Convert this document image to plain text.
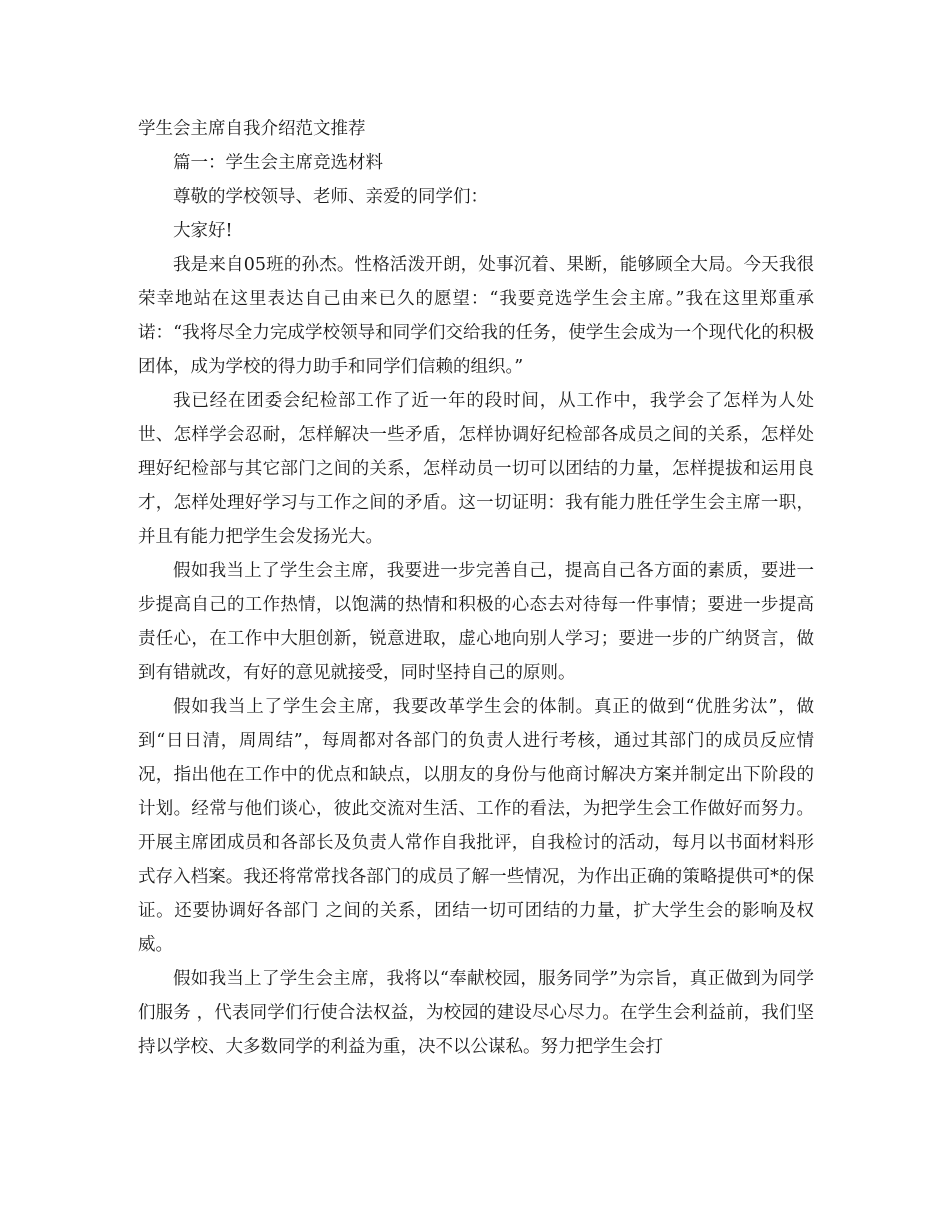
学生会主席自我介绍范文推荐

篇一：学生会主席竞选材料

尊敬的学校领导、老师、亲爱的同学们：

大家好!

我是来自05班的孙杰。性格活泼开朗，处事沉着、果断，能够顾全大局。今天我很荣幸地站在这里表达自己由来已久的愿望：“我要竞选学生会主席。”我在这里郑重承诺：“我将尽全力完成学校领导和同学们交给我的任务，使学生会成为一个现代化的积极团体，成为学校的得力助手和同学们信赖的组织。”

我已经在团委会纪检部工作了近一年的段时间，从工作中，我学会了怎样为人处世、怎样学会忍耐，怎样解决一些矛盾，怎样协调好纪检部各成员之间的关系，怎样处理好纪检部与其它部门之间的关系，怎样动员一切可以团结的力量，怎样提拔和运用良才，怎样处理好学习与工作之间的矛盾。这一切证明：我有能力胜任学生会主席一职，并且有能力把学生会发扬光大。

假如我当上了学生会主席，我要进一步完善自己，提高自己各方面的素质，要进一步提高自己的工作热情，以饱满的热情和积极的心态去对待每一件事情；要进一步提高责任心，在工作中大胆创新，锐意进取，虚心地向别人学习；要进一步的广纳贤言，做到有错就改，有好的意见就接受，同时坚持自己的原则。

假如我当上了学生会主席，我要改革学生会的体制。真正的做到“优胜劣汰”，做到“日日清，周周结”，每周都对各部门的负责人进行考核，通过其部门的成员反应情况，指出他在工作中的优点和缺点，以朋友的身份与他商讨解决方案并制定出下阶段的计划。经常与他们谈心，彼此交流对生活、工作的看法，为把学生会工作做好而努力。开展主席团成员和各部长及负责人常作自我批评，自我检讨的活动，每月以书面材料形式存入档案。我还将常常找各部门的成员了解一些情况，为作出正确的策略提供可*的保证。还要协调好各部门 之间的关系，团结一切可团结的力量，扩大学生会的影响及权威。

假如我当上了学生会主席，我将以“奉献校园，服务同学”为宗旨，真正做到为同学们服务 ，代表同学们行使合法权益，为校园的建设尽心尽力。在学生会利益前，我们坚持以学校、大多数同学的利益为重，决不以公谋私。努力把学生会打
